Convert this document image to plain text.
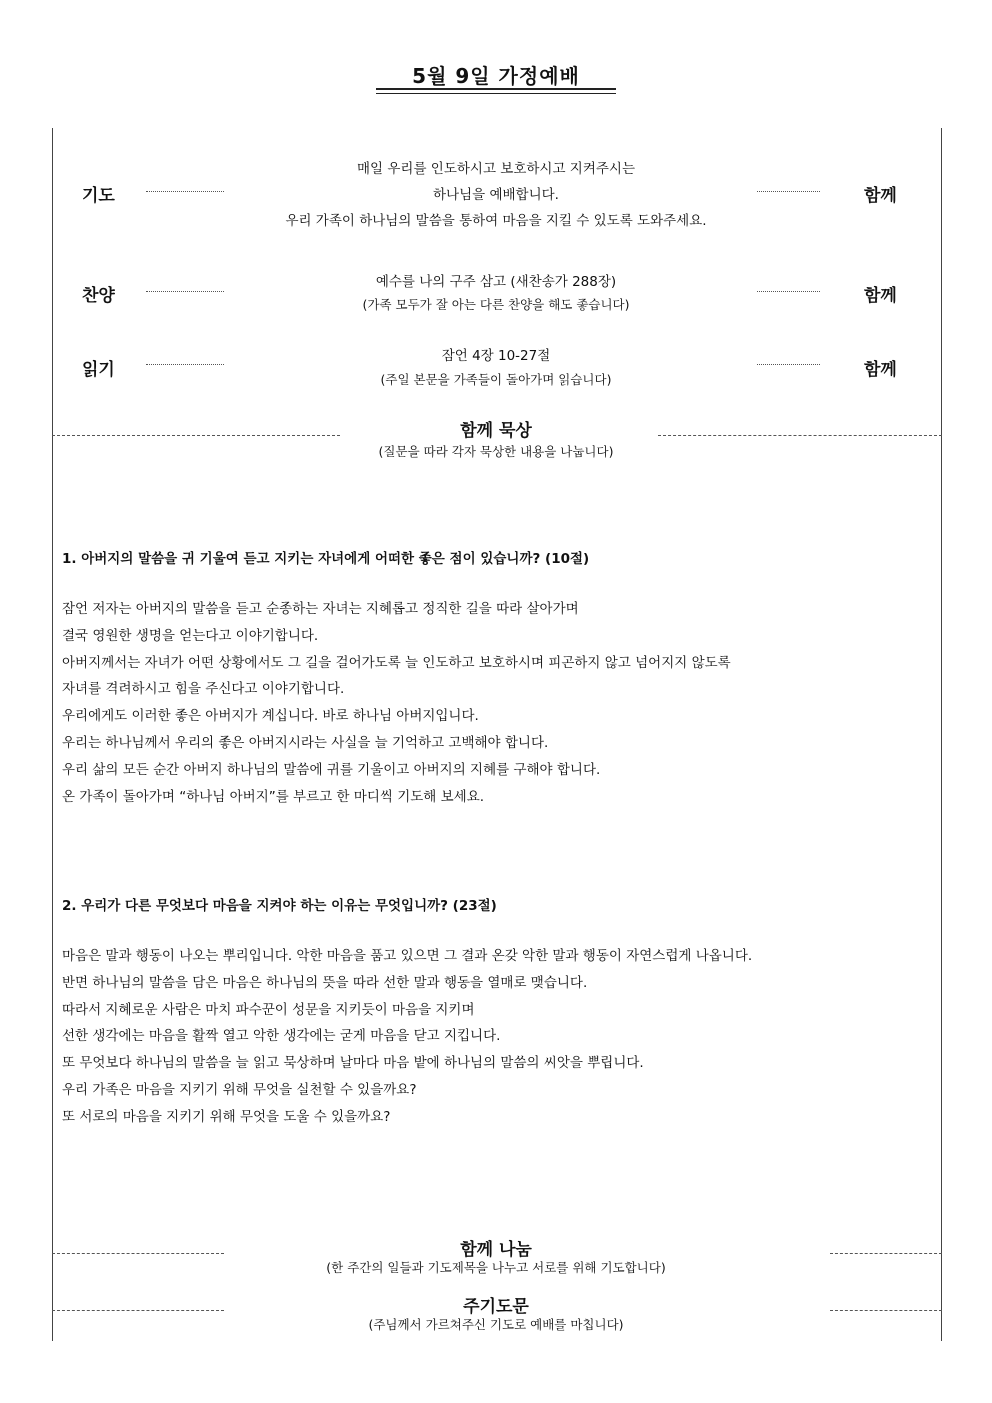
5월 9일 가정예배
기도
매일 우리를 인도하시고 보호하시고 지켜주시는
하나님을 예배합니다.
우리 가족이 하나님의 말씀을 통하여 마음을 지킬 수 있도록 도와주세요.
함께
찬양
예수를 나의 구주 삼고 (새찬송가 288장)
(가족 모두가 잘 아는 다른 찬양을 해도 좋습니다)	함께
읽기
잠언 4장 10-27절
(주일 본문을 가족들이 돌아가며 읽습니다)	함께
함께 묵상
(질문을 따라 각자 묵상한 내용을 나눕니다)
1. 아버지의 말씀을 귀 기울여 듣고 지키는 자녀에게 어떠한 좋은 점이 있습니까? (10절)
잠언 저자는 아버지의 말씀을 듣고 순종하는 자녀는 지혜롭고 정직한 길을 따라 살아가며
결국 영원한 생명을 얻는다고 이야기합니다.
아버지께서는 자녀가 어떤 상황에서도 그 길을 걸어가도록 늘 인도하고 보호하시며 피곤하지 않고 넘어지지 않도록
자녀를 격려하시고 힘을 주신다고 이야기합니다.
우리에게도 이러한 좋은 아버지가 계십니다. 바로 하나님 아버지입니다.
우리는 하나님께서 우리의 좋은 아버지시라는 사실을 늘 기억하고 고백해야 합니다.
우리 삶의 모든 순간 아버지 하나님의 말씀에 귀를 기울이고 아버지의 지혜를 구해야 합니다.
온 가족이 돌아가며 “하나님 아버지”를 부르고 한 마디씩 기도해 보세요.
2. 우리가 다른 무엇보다 마음을 지켜야 하는 이유는 무엇입니까? (23절)
마음은 말과 행동이 나오는 뿌리입니다. 악한 마음을 품고 있으면 그 결과 온갖 악한 말과 행동이 자연스럽게 나옵니다.
반면 하나님의 말씀을 담은 마음은 하나님의 뜻을 따라 선한 말과 행동을 열매로 맺습니다.
따라서 지혜로운 사람은 마치 파수꾼이 성문을 지키듯이 마음을 지키며
선한 생각에는 마음을 활짝 열고 악한 생각에는 굳게 마음을 닫고 지킵니다.
또 무엇보다 하나님의 말씀을 늘 읽고 묵상하며 날마다 마음 밭에 하나님의 말씀의 씨앗을 뿌립니다.
우리 가족은 마음을 지키기 위해 무엇을 실천할 수 있을까요?
또 서로의 마음을 지키기 위해 무엇을 도울 수 있을까요?
함께 나눔
(한 주간의 일들과 기도제목을 나누고 서로를 위해 기도합니다)
주기도문
(주님께서 가르쳐주신 기도로 예배를 마칩니다)
